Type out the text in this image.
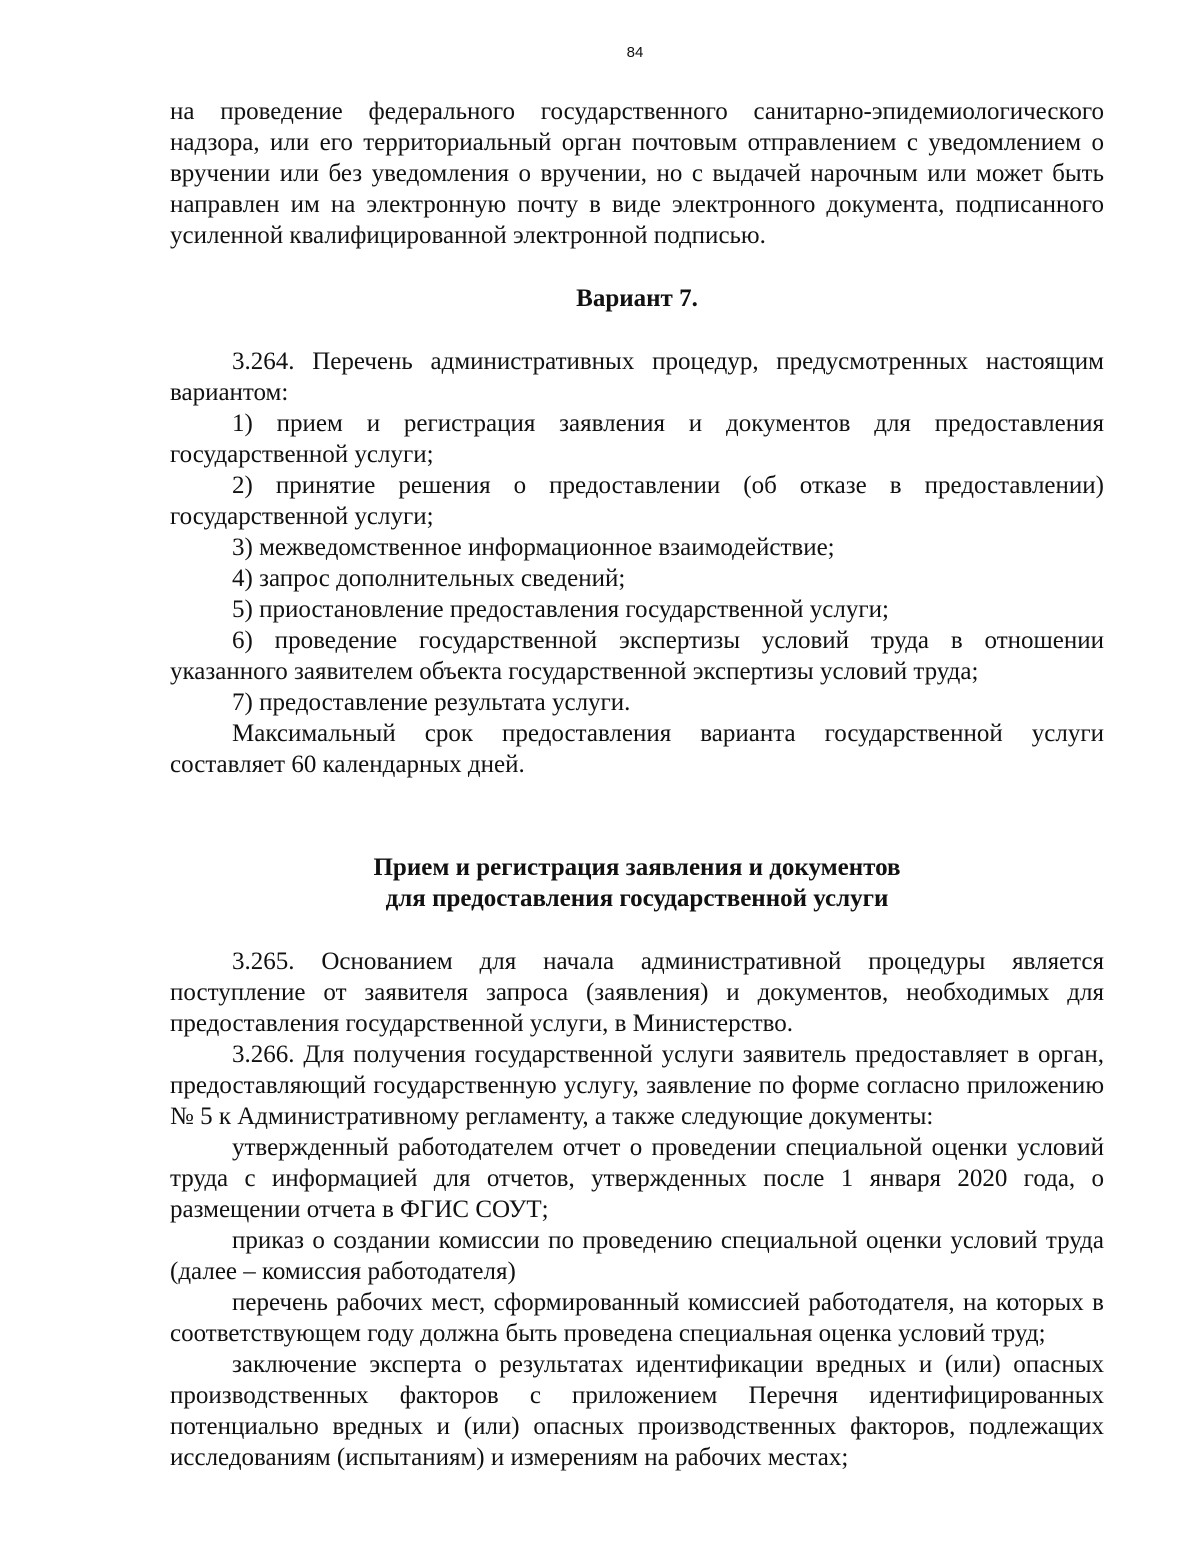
84

на проведение федерального государственного санитарно-эпидемиологического надзора, или его территориальный орган почтовым отправлением с уведомлением о вручении или без уведомления о вручении, но с выдачей нарочным или может быть направлен им на электронную почту в виде электронного документа, подписанного усиленной квалифицированной электронной подписью.

Вариант 7.

3.264. Перечень административных процедур, предусмотренных настоящим вариантом:

1) прием и регистрация заявления и документов для предоставления государственной услуги;

2) принятие решения о предоставлении (об отказе в предоставлении) государственной услуги;

3) межведомственное информационное взаимодействие;

4) запрос дополнительных сведений;

5) приостановление предоставления государственной услуги;

6) проведение государственной экспертизы условий труда в отношении указанного заявителем объекта государственной экспертизы условий труда;

7) предоставление результата услуги.

Максимальный срок предоставления варианта государственной услуги составляет 60 календарных дней.

Прием и регистрация заявления и документов
для предоставления государственной услуги

3.265. Основанием для начала административной процедуры является поступление от заявителя запроса (заявления) и документов, необходимых для предоставления государственной услуги, в Министерство.

3.266. Для получения государственной услуги заявитель предоставляет в орган, предоставляющий государственную услугу, заявление по форме согласно приложению № 5 к Административному регламенту, а также следующие документы:

утвержденный работодателем отчет о проведении специальной оценки условий труда с информацией для отчетов, утвержденных после 1 января 2020 года, о размещении отчета в ФГИС СОУТ;

приказ о создании комиссии по проведению специальной оценки условий труда (далее – комиссия работодателя)

перечень рабочих мест, сформированный комиссией работодателя, на которых в соответствующем году должна быть проведена специальная оценка условий труд;

заключение эксперта о результатах идентификации вредных и (или) опасных производственных факторов с приложением Перечня идентифицированных потенциально вредных и (или) опасных производственных факторов, подлежащих исследованиям (испытаниям) и измерениям на рабочих местах;
